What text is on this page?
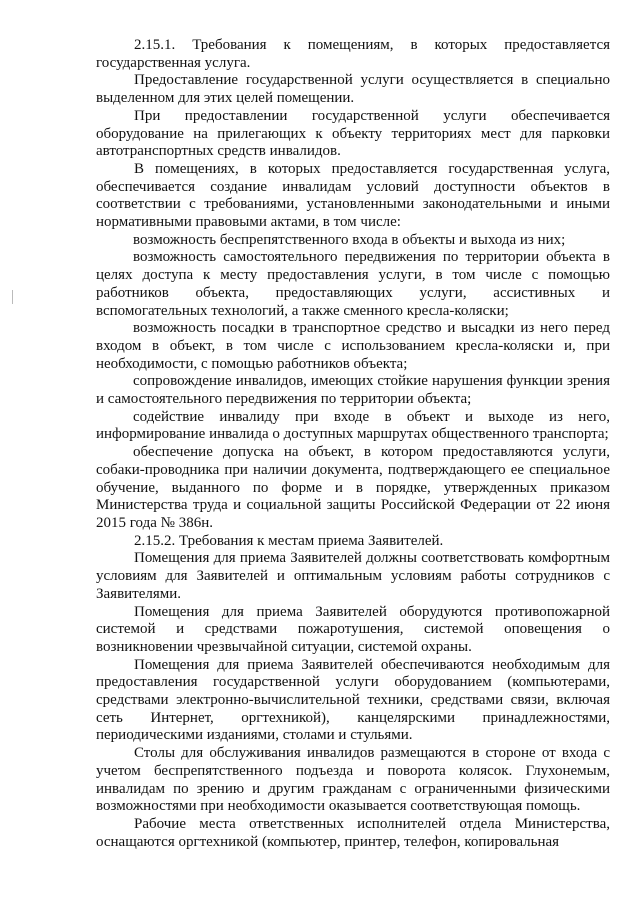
2.15.1. Требования к помещениям, в которых предоставляется государственная услуга.

Предоставление государственной услуги осуществляется в специально выделенном для этих целей помещении.

При предоставлении государственной услуги обеспечивается оборудование на прилегающих к объекту территориях мест для парковки автотранспортных средств инвалидов.

В помещениях, в которых предоставляется государственная услуга, обеспечивается создание инвалидам условий доступности объектов в соответствии с требованиями, установленными законодательными и иными нормативными правовыми актами, в том числе:

возможность беспрепятственного входа в объекты и выхода из них;

возможность самостоятельного передвижения по территории объекта в целях доступа к месту предоставления услуги, в том числе с помощью работников объекта, предоставляющих услуги, ассистивных и вспомогательных технологий, а также сменного кресла-коляски;

возможность посадки в транспортное средство и высадки из него перед входом в объект, в том числе с использованием кресла-коляски и, при необходимости, с помощью работников объекта;

сопровождение инвалидов, имеющих стойкие нарушения функции зрения и самостоятельного передвижения по территории объекта;

содействие инвалиду при входе в объект и выходе из него, информирование инвалида о доступных маршрутах общественного транспорта;

обеспечение допуска на объект, в котором предоставляются услуги, собаки-проводника при наличии документа, подтверждающего ее специальное обучение, выданного по форме и в порядке, утвержденных приказом Министерства труда и социальной защиты Российской Федерации от 22 июня 2015 года № 386н.

2.15.2. Требования к местам приема Заявителей.

Помещения для приема Заявителей должны соответствовать комфортным условиям для Заявителей и оптимальным условиям работы сотрудников с Заявителями.

Помещения для приема Заявителей оборудуются противопожарной системой и средствами пожаротушения, системой оповещения о возникновении чрезвычайной ситуации, системой охраны.

Помещения для приема Заявителей обеспечиваются необходимым для предоставления государственной услуги оборудованием (компьютерами, средствами электронно-вычислительной техники, средствами связи, включая сеть Интернет, оргтехникой), канцелярскими принадлежностями, периодическими изданиями, столами и стульями.

Столы для обслуживания инвалидов размещаются в стороне от входа с учетом беспрепятственного подъезда и поворота колясок. Глухонемым, инвалидам по зрению и другим гражданам с ограниченными физическими возможностями при необходимости оказывается соответствующая помощь.

Рабочие места ответственных исполнителей отдела Министерства, оснащаются оргтехникой (компьютер, принтер, телефон, копировальная
